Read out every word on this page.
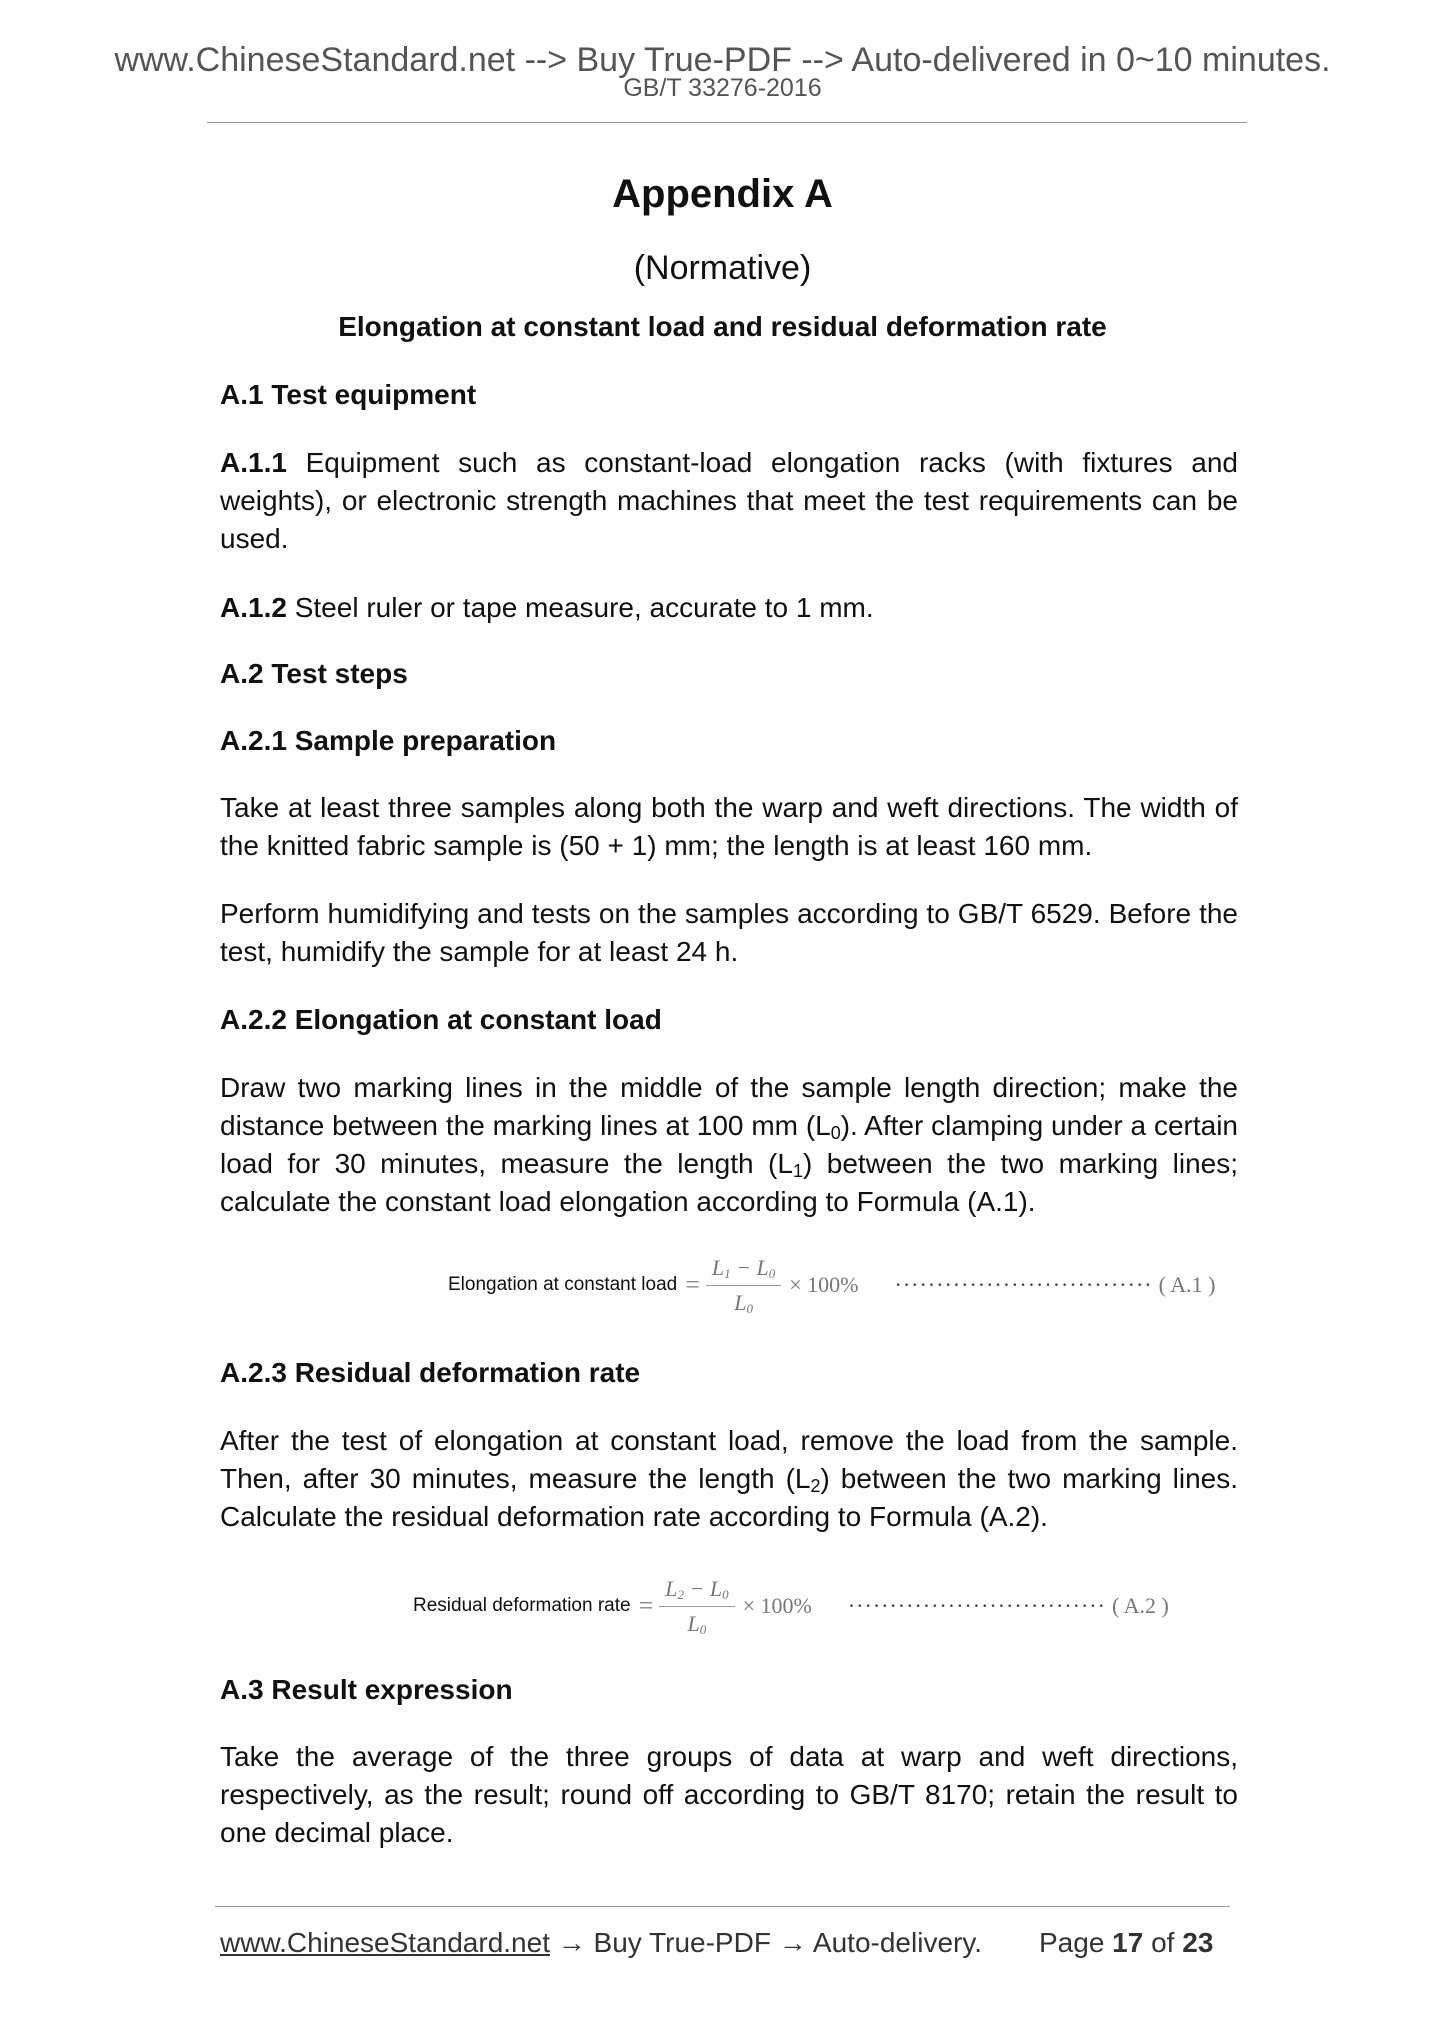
www.ChineseStandard.net --> Buy True-PDF --> Auto-delivered in 0~10 minutes.
GB/T 33276-2016
Appendix A
(Normative)
Elongation at constant load and residual deformation rate
A.1 Test equipment
A.1.1 Equipment such as constant-load elongation racks (with fixtures and weights), or electronic strength machines that meet the test requirements can be used.
A.1.2 Steel ruler or tape measure, accurate to 1 mm.
A.2 Test steps
A.2.1 Sample preparation
Take at least three samples along both the warp and weft directions. The width of the knitted fabric sample is (50 + 1) mm; the length is at least 160 mm.
Perform humidifying and tests on the samples according to GB/T 6529. Before the test, humidify the sample for at least 24 h.
A.2.2 Elongation at constant load
Draw two marking lines in the middle of the sample length direction; make the distance between the marking lines at 100 mm $(L_0)$. After clamping under a certain load for 30 minutes, measure the length $(L_1)$ between the two marking lines; calculate the constant load elongation according to Formula (A.1).
Elongation at constant load = $\frac{L_1 - L_0}{L_0} \times 100\%$ ······························· ( A.1 )
A.2.3 Residual deformation rate
After the test of elongation at constant load, remove the load from the sample. Then, after 30 minutes, measure the length $(L_2)$ between the two marking lines. Calculate the residual deformation rate according to Formula (A.2).
Residual deformation rate = $\frac{L_2 - L_0}{L_0} \times 100\%$ ······························· ( A.2 )
A.3 Result expression
Take the average of the three groups of data at warp and weft directions, respectively, as the result; round off according to GB/T 8170; retain the result to one decimal place.
www.ChineseStandard.net → Buy True-PDF → Auto-delivery. Page 17 of 23
